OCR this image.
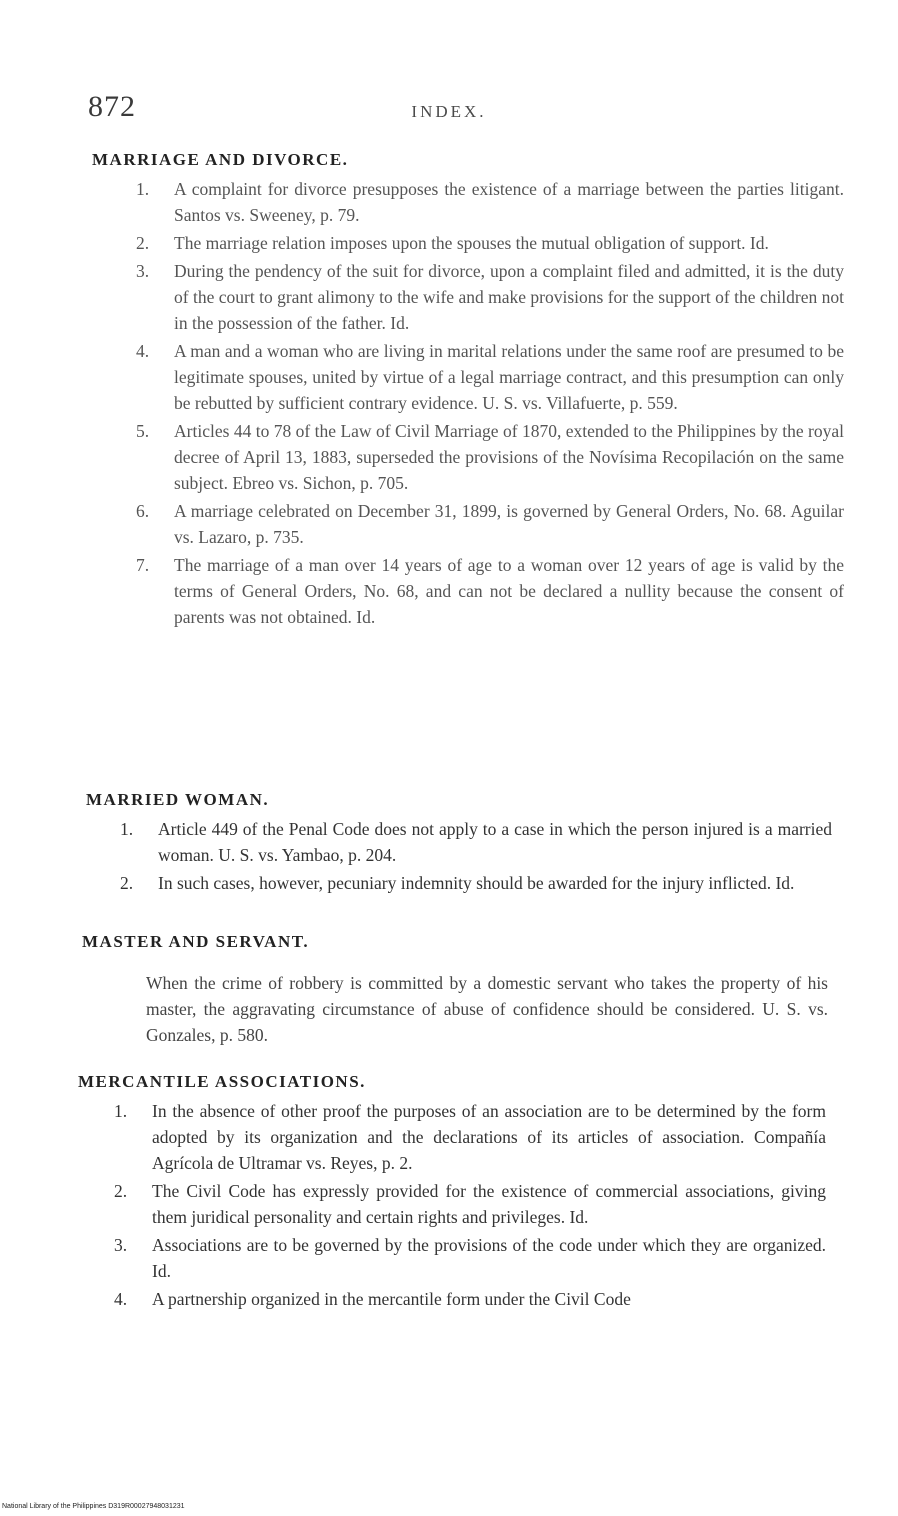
872	INDEX.
MARRIAGE AND DIVORCE.

1. A complaint for divorce presupposes the existence of a marriage between the parties litigant. Santos vs. Sweeney, p. 79.

2. The marriage relation imposes upon the spouses the mutual obligation of support. Id.

3. During the pendency of the suit for divorce, upon a complaint filed and admitted, it is the duty of the court to grant alimony to the wife and make provisions for the support of the children not in the possession of the father. Id.

4. A man and a woman who are living in marital relations under the same roof are presumed to be legitimate spouses, united by virtue of a legal marriage contract, and this presumption can only be rebutted by sufficient contrary evidence. U. S. vs. Villafuerte, p. 559.

5. Articles 44 to 78 of the Law of Civil Marriage of 1870, extended to the Philippines by the royal decree of April 13, 1883, superseded the provisions of the Novísima Recopilación on the same subject. Ebreo vs. Sichon, p. 705.

6. A marriage celebrated on December 31, 1899, is governed by General Orders, No. 68. Aguilar vs. Lazaro, p. 735.

7. The marriage of a man over 14 years of age to a woman over 12 years of age is valid by the terms of General Orders, No. 68, and can not be declared a nullity because the consent of parents was not obtained. Id.

MARRIED WOMAN.

1. Article 449 of the Penal Code does not apply to a case in which the person injured is a married woman. U. S. vs. Yambao, p. 204.

2. In such cases, however, pecuniary indemnity should be awarded for the injury inflicted. Id.

MASTER AND SERVANT.

When the crime of robbery is committed by a domestic servant who takes the property of his master, the aggravating circumstance of abuse of confidence should be considered. U. S. vs. Gonzales, p. 580.

MERCANTILE ASSOCIATIONS.

1. In the absence of other proof the purposes of an association are to be determined by the form adopted by its organization and the declarations of its articles of association. Compañía Agrícola de Ultramar vs. Reyes, p. 2.

2. The Civil Code has expressly provided for the existence of commercial associations, giving them juridical personality and certain rights and privileges. Id.

3. Associations are to be governed by the provisions of the code under which they are organized. Id.

4. A partnership organized in the mercantile form under the Civil Code

National Library of the Philippines D319R00027948031231
